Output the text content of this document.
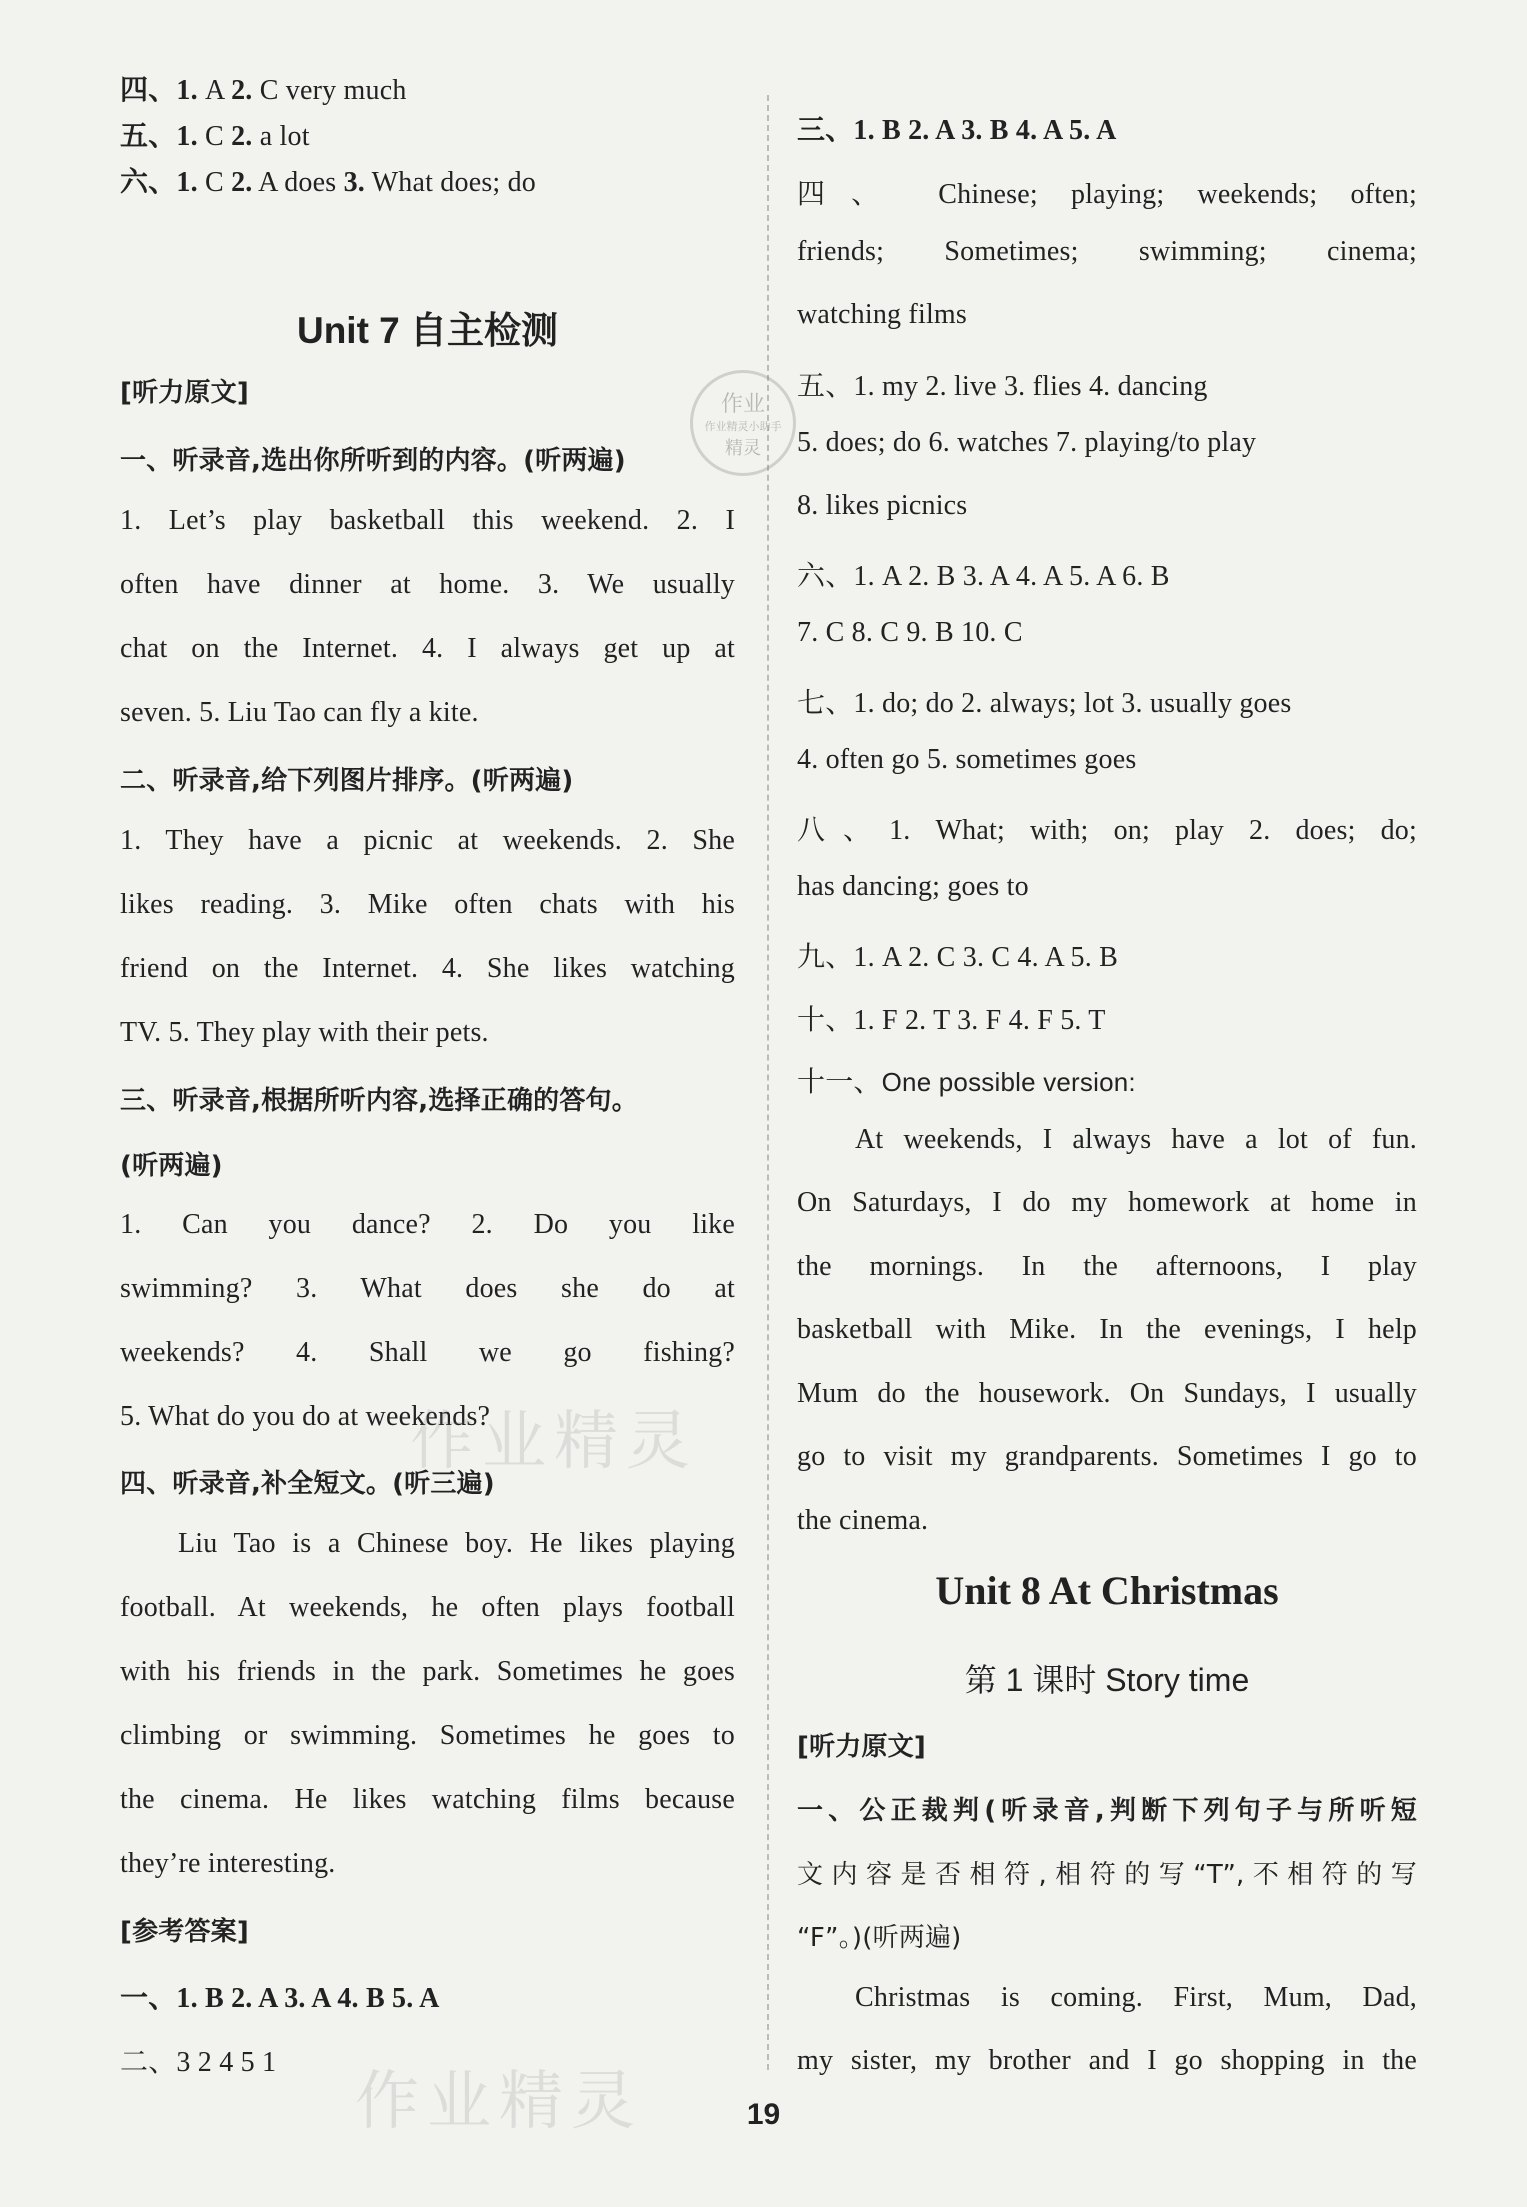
四、1. A 2. C very much
五、1. C 2. a lot
六、1. C 2. A does 3. What does; do
Unit 7 自主检测
[听力原文]
一、听录音,选出你所听到的内容。(听两遍)
1. Let’s play basketball this weekend. 2. I
often have dinner at home. 3. We usually
chat on the Internet. 4. I always get up at
seven. 5. Liu Tao can fly a kite.
二、听录音,给下列图片排序。(听两遍)
1. They have a picnic at weekends. 2. She
likes reading. 3. Mike often chats with his
friend on the Internet. 4. She likes watching
TV. 5. They play with their pets.
三、听录音,根据所听内容,选择正确的答句。
(听两遍)
1. Can you dance? 2. Do you like
swimming? 3. What does she do at
weekends? 4. Shall we go fishing?
5. What do you do at weekends?
四、听录音,补全短文。(听三遍)
Liu Tao is a Chinese boy. He likes playing
football. At weekends, he often plays football
with his friends in the park. Sometimes he goes
climbing or swimming. Sometimes he goes to
the cinema. He likes watching films because
they’re interesting.
[参考答案]
一、1. B 2. A 3. A 4. B 5. A
二、3 2 4 5 1
三、1. B 2. A 3. B 4. A 5. A
四、 Chinese; playing; weekends; often;
friends; Sometimes; swimming; cinema;
watching films
五、1. my 2. live 3. flies 4. dancing
5. does; do 6. watches 7. playing/to play
8. likes picnics
六、1. A 2. B 3. A 4. A 5. A 6. B
7. C 8. C 9. B 10. C
七、1. do; do 2. always; lot 3. usually goes
4. often go 5. sometimes goes
八、1. What; with; on; play 2. does; do;
has dancing; goes to
九、1. A 2. C 3. C 4. A 5. B
十、1. F 2. T 3. F 4. F 5. T
十一、One possible version:
At weekends, I always have a lot of fun.
On Saturdays, I do my homework at home in
the mornings. In the afternoons, I play
basketball with Mike. In the evenings, I help
Mum do the housework. On Sundays, I usually
go to visit my grandparents. Sometimes I go to
the cinema.
Unit 8 At Christmas
第 1 课时 Story time
[听力原文]
一、公正裁判(听录音,判断下列句子与所听短
文内容是否相符,相符的写“T”,不相符的写
“F”。)(听两遍)
Christmas is coming. First, Mum, Dad,
my sister, my brother and I go shopping in the
作业
作业精灵小助手
精灵
作业精灵
作业精灵	19
